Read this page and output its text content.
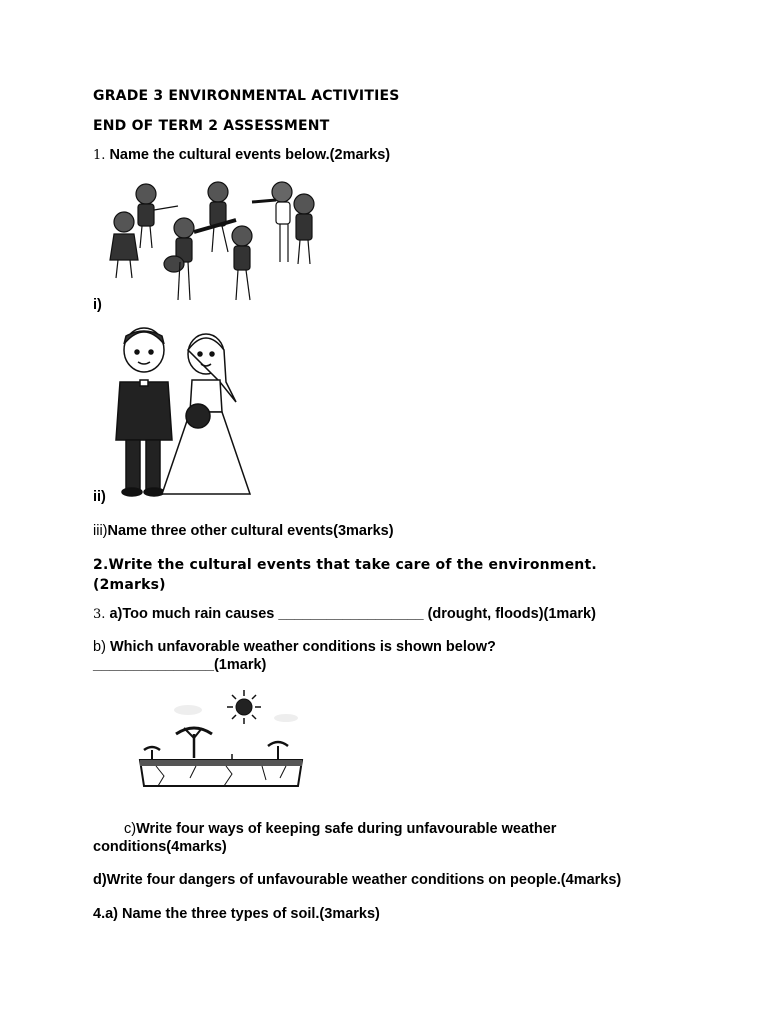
GRADE 3 ENVIRONMENTAL ACTIVITIES
END OF TERM 2 ASSESSMENT
1. Name the cultural events below.(2marks)
i)
ii)
iii)Name three other cultural events(3marks)
2.Write the cultural events that take care of the environment.
(2marks)
3. a)Too much rain causes __________________ (drought, floods)(1mark)
b) Which unfavorable weather conditions is shown below?
_______________(1mark)
c)Write four ways of keeping safe during unfavourable weather
conditions(4marks)
d)Write four dangers of unfavourable weather conditions on people.(4marks)
4.a) Name the three types of soil.(3marks)
